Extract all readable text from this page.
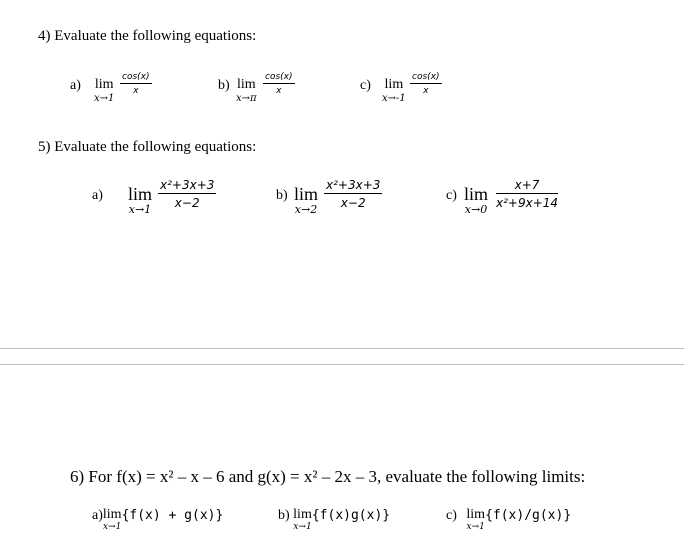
4) Evaluate the following equations:
a) lim
x→1
$\frac{\cos(x)}{x}$	b) lim
x→π
$\frac{\cos(x)}{x}$	c) lim
x→-1
$\frac{\cos(x)}{x}$
5) Evaluate the following equations:
a) lim
$x\to 1 \frac{\text{x²+3x+3}}{x-2}$	b) lim
$x\to 2 \frac{\text{x²+3x+3}}{x-2}$	c) lim
$x\to 0 \frac{x+7}{\text{x²+9x+14}}$
6) For f(x) = x² – x – 6 and g(x) = x² – 2x – 3, evaluate the following limits:
a) lim
x→1
{f(x) + g(x)}	b) lim
x→1
{f(x)g(x)}	c) lim
x→1
{f(x)/g(x)}
